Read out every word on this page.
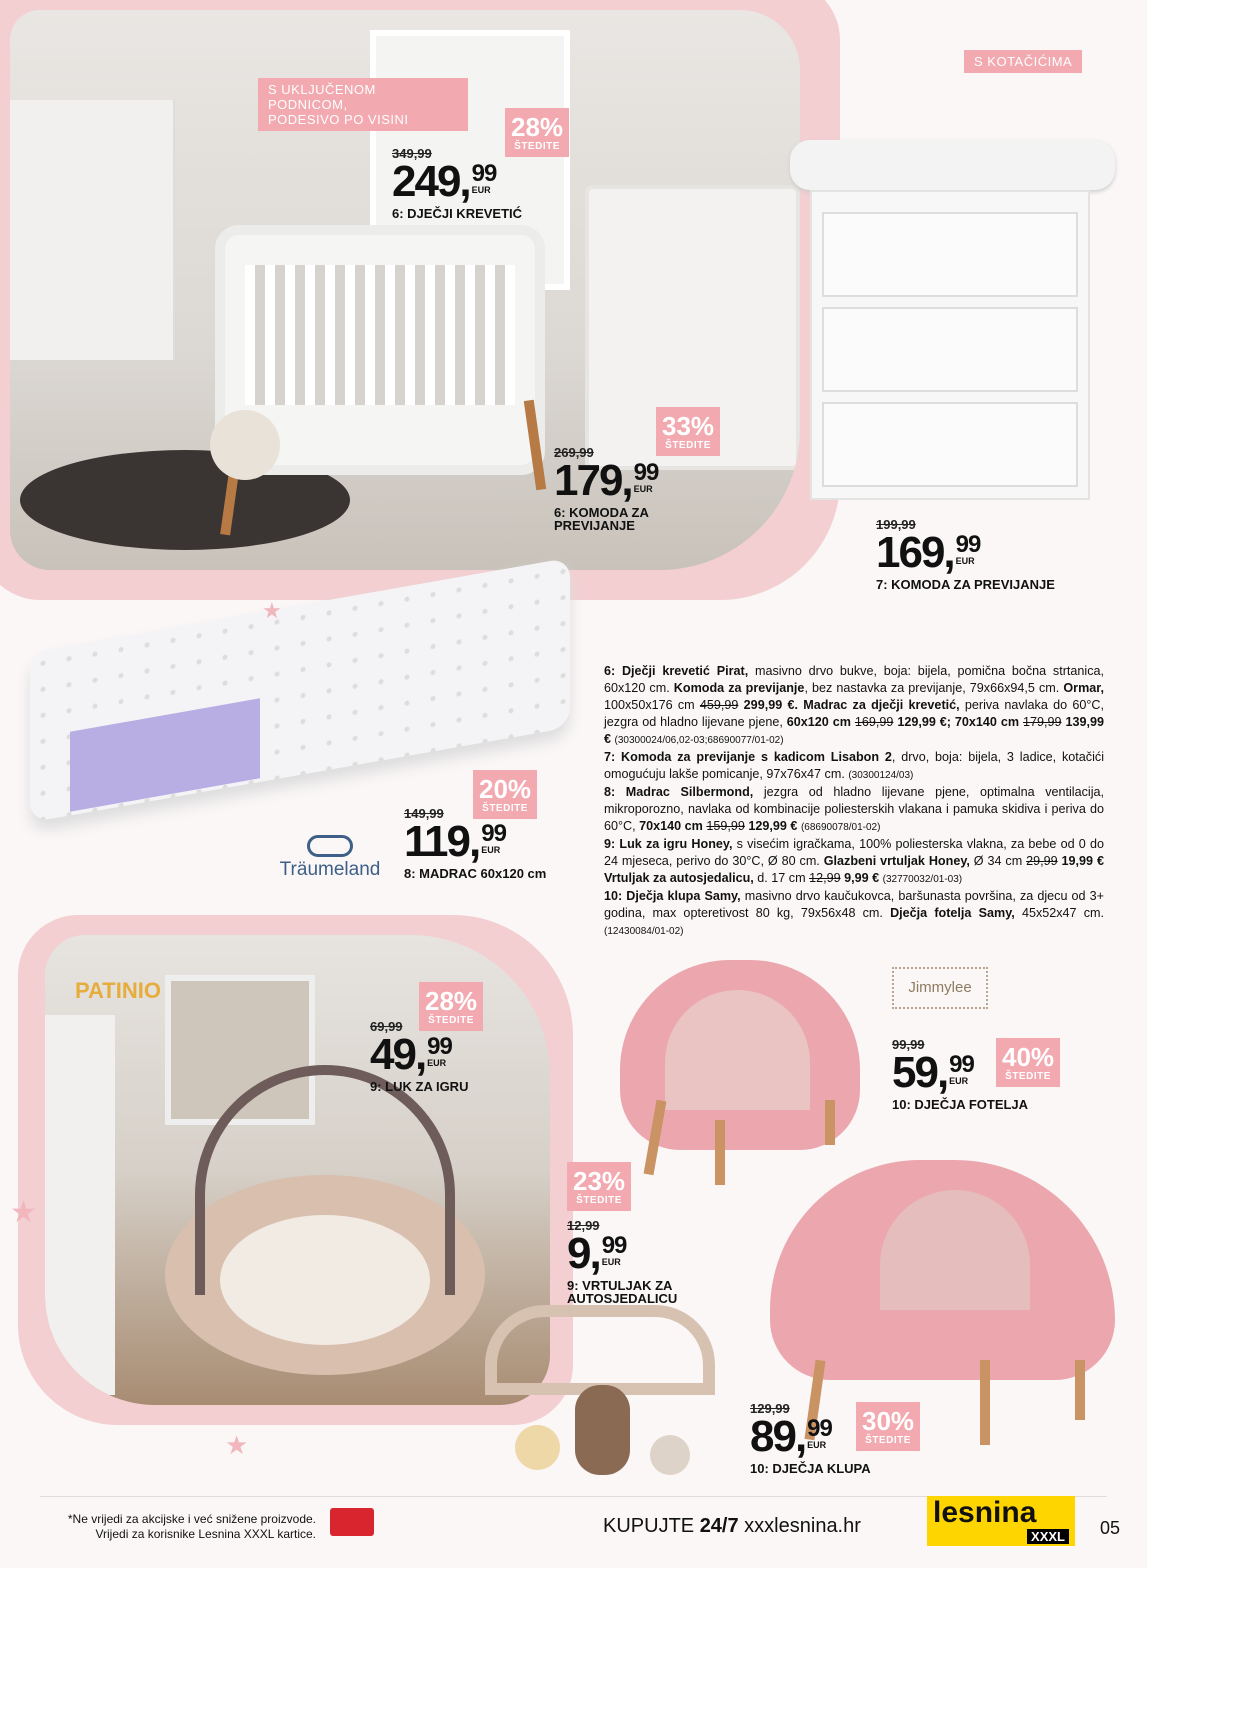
S UKLJUČENOM PODNICOM,
PODESIVO PO VISINI
S KOTAČIĆIMA
Träumeland
6: Dječji krevetić Pirat, masivno drvo bukve, boja: bijela, pomična bočna strtanica, 60x120 cm. Komoda za previjanje, bez nastavka za previjanje, 79x66x94,5 cm. Ormar, 100x50x176 cm 459,99 299,99 €. Madrac za dječji krevetić, periva navlaka do 60°C, jezgra od hladno lijevane pjene, 60x120 cm 169,99 129,99 €; 70x140 cm 179,99 139,99 € (30300024/06,02-03;68690077/01-02)
7: Komoda za previjanje s kadicom Lisabon 2, drvo, boja: bijela, 3 ladice, kotačići omogućuju lakše pomicanje, 97x76x47 cm. (30300124/03)
8: Madrac Silbermond, jezgra od hladno lijevane pjene, optimalna ventilacija, mikroporozno, navlaka od kombinacije poliesterskih vlakana i pamuka skidiva i periva do 60°C, 70x140 cm 159,99 129,99 € (68690078/01-02)
9: Luk za igru Honey, s visećim igračkama, 100% poliesterska vlakna, za bebe od 0 do 24 mjeseca, perivo do 30°C, Ø 80 cm. Glazbeni vrtuljak Honey, Ø 34 cm 29,99 19,99 € Vrtuljak za autosjedalicu, d. 17 cm 12,99 9,99 € (32770032/01-03)
10: Dječja klupa Samy, masivno drvo kaučukovca, baršunasta površina, za djecu od 3+ godina, max opteretivost 80 kg, 79x56x48 cm. Dječja fotelja Samy, 45x52x47 cm. (12430084/01-02)
PATINIO	Jimmylee
28%
ŠTEDITE
349,99
249, 99
EUR
6: DJEČJI KREVETIĆ
33%
ŠTEDITE
269,99
179, 99
EUR
6: KOMODA ZA PREVIJANJE	199,99
169, 99
EUR
7: KOMODA ZA PREVIJANJE
20%
ŠTEDITE
149,99
119, 99
EUR
8: MADRAC 60x120 cm
28%
ŠTEDITE
69,99
49, 99
EUR
9: LUK ZA IGRU
40%
ŠTEDITE
99,99
59, 99
EUR
10: DJEČJA FOTELJA
23%
ŠTEDITE
12,99
9, 99
EUR
9: VRTULJAK ZA AUTOSJEDALICU
30%
ŠTEDITE
129,99
89, 99
EUR
10: DJEČJA KLUPA
★
★
★
*Ne vrijedi za akcijske i već snižene proizvode.
Vrijedi za korisnike Lesnina XXXL kartice.	KUPUJTE 24/7 xxxlesnina.hr lesnina
XXXL 05
